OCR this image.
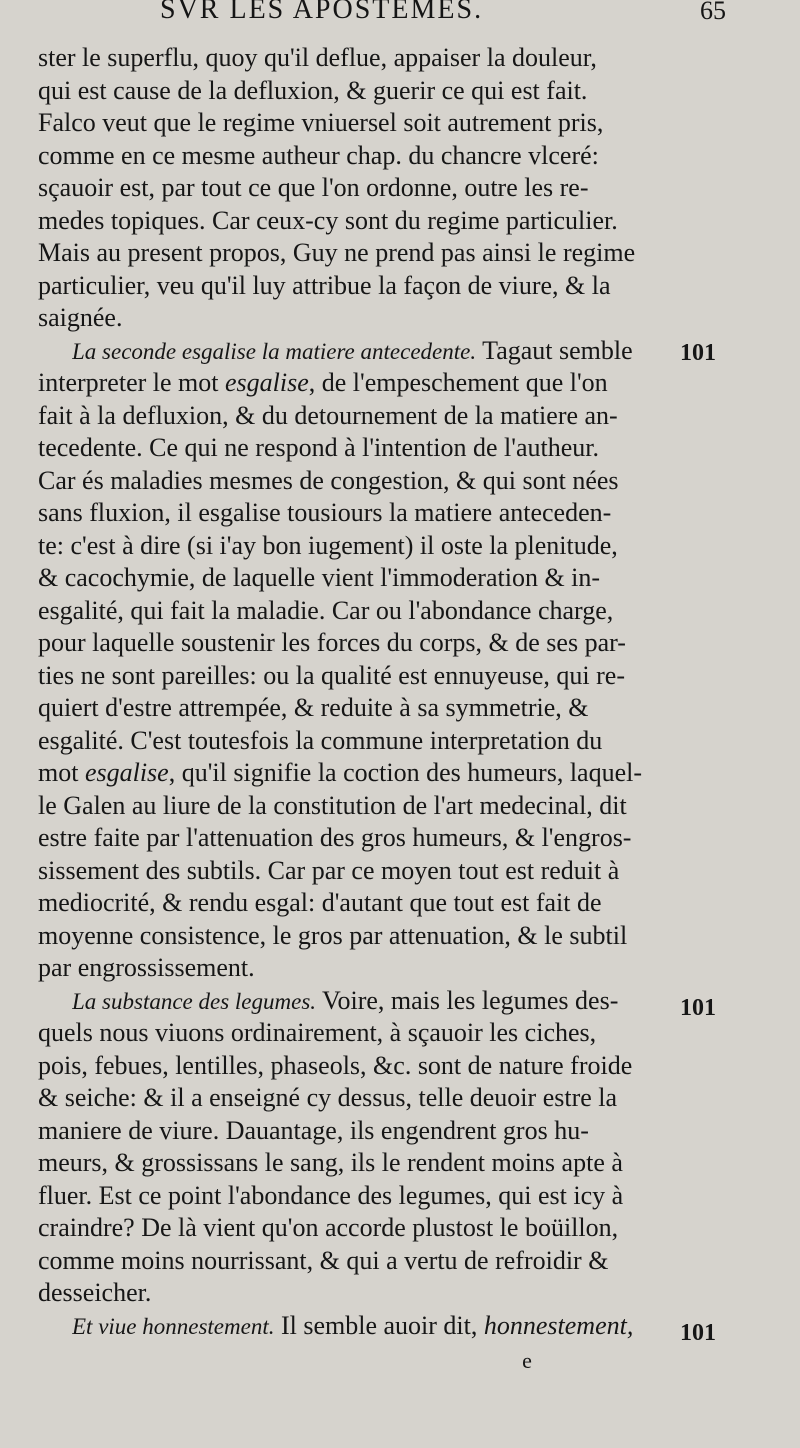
SVR LES APOSTEMES.	65
ster le superflu, quoy qu'il deflue, appaiser la douleur,
qui est cause de la defluxion, & guerir ce qui est fait.
Falco veut que le regime vniuersel soit autrement pris,
comme en ce mesme autheur chap. du chancre vlceré:
sçauoir est, par tout ce que l'on ordonne, outre les re-
medes topiques. Car ceux-cy sont du regime particulier.
Mais au present propos, Guy ne prend pas ainsi le regime
particulier, veu qu'il luy attribue la façon de viure, & la
saignée.
La seconde esgalise la matiere antecedente. Tagaut semble
interpreter le mot esgalise, de l'empeschement que l'on
fait à la defluxion, & du detournement de la matiere an-
tecedente. Ce qui ne respond à l'intention de l'autheur.
Car és maladies mesmes de congestion, & qui sont nées
sans fluxion, il esgalise tousiours la matiere anteceden-
te: c'est à dire (si i'ay bon iugement) il oste la plenitude,
& cacochymie, de laquelle vient l'immoderation & in-
esgalité, qui fait la maladie. Car ou l'abondance charge,
pour laquelle soustenir les forces du corps, & de ses par-
ties ne sont pareilles: ou la qualité est ennuyeuse, qui re-
quiert d'estre attrempée, & reduite à sa symmetrie, &
esgalité. C'est toutesfois la commune interpretation du
mot esgalise, qu'il signifie la coction des humeurs, laquel-
le Galen au liure de la constitution de l'art medecinal, dit
estre faite par l'attenuation des gros humeurs, & l'engros-
sissement des subtils. Car par ce moyen tout est reduit à
mediocrité, & rendu esgal: d'autant que tout est fait de
moyenne consistence, le gros par attenuation, & le subtil
par engrossissement.
La substance des legumes. Voire, mais les legumes des-
quels nous viuons ordinairement, à sçauoir les ciches,
pois, febues, lentilles, phaseols, &c. sont de nature froide
& seiche: & il a enseigné cy dessus, telle deuoir estre la
maniere de viure. Dauantage, ils engendrent gros hu-
meurs, & grossissans le sang, ils le rendent moins apte à
fluer. Est ce point l'abondance des legumes, qui est icy à
craindre? De là vient qu'on accorde plustost le boüillon,
comme moins nourrissant, & qui a vertu de refroidir &
desseicher.
Et viue honnestement. Il semble auoir dit, honnestement,
101
101
101
e
